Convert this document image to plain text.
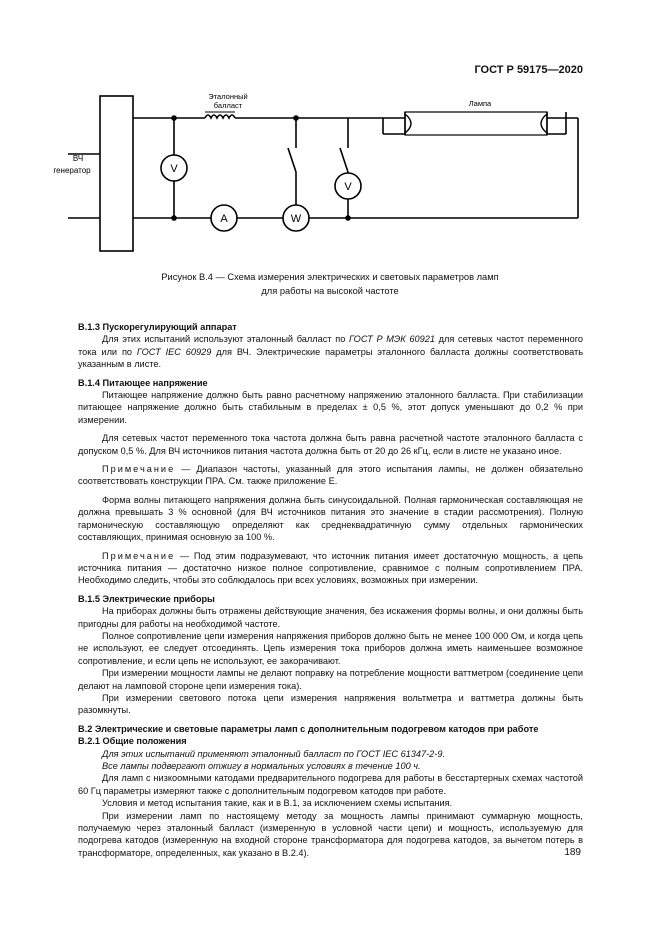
ГОСТ Р 59175—2020
ВЧ
генератор
Эталонный
балласт
V
A	W
V
Лампа
Рисунок В.4 — Схема измерения электрических и световых параметров ламп
для работы на высокой частоте

В.1.3 Пускорегулирующий аппарат

Для этих испытаний используют эталонный балласт по ГОСТ Р МЭК 60921 для сетевых частот переменного тока или по ГОСТ IEC 60929 для ВЧ. Электрические параметры эталонного балласта должны соответствовать указанным в листе.

В.1.4 Питающее напряжение

Питающее напряжение должно быть равно расчетному напряжению эталонного балласта. При стабилизации питающее напряжение должно быть стабильным в пределах ± 0,5 %, этот допуск уменьшают до 0,2 % при измерении.

Для сетевых частот переменного тока частота должна быть равна расчетной частоте эталонного балласта с допуском 0,5 %. Для ВЧ источников питания частота должна быть от 20 до 26 кГц, если в листе не указано иное.

Примечание — Диапазон частоты, указанный для этого испытания лампы, не должен обязательно соответствовать конструкции ПРА. См. также приложение Е.

Форма волны питающего напряжения должна быть синусоидальной. Полная гармоническая составляющая не должна превышать 3 % основной (для ВЧ источников питания это значение в стадии рассмотрения). Полную гармоническую составляющую определяют как среднеквадратичную сумму отдельных гармонических составляющих, принимая основную за 100 %.

Примечание — Под этим подразумевают, что источник питания имеет достаточную мощность, а цепь источника питания — достаточно низкое полное сопротивление, сравнимое с полным сопротивлением ПРА. Необходимо следить, чтобы это соблюдалось при всех условиях, возможных при измерении.

В.1.5 Электрические приборы

На приборах должны быть отражены действующие значения, без искажения формы волны, и они должны быть пригодны для работы на необходимой частоте.

Полное сопротивление цепи измерения напряжения приборов должно быть не менее 100 000 Ом, и когда цепь не используют, ее следует отсоединять. Цепь измерения тока приборов должна иметь наименьшее возможное сопротивление, и если цепь не используют, ее закорачивают.

При измерении мощности лампы не делают поправку на потребление мощности ваттметром (соединение цепи делают на ламповой стороне цепи измерения тока).

При измерении светового потока цепи измерения напряжения вольтметра и ваттметра должны быть разомкнуты.

В.2 Электрические и световые параметры ламп с дополнительным подогревом катодов при работе

В.2.1 Общие положения

Для этих испытаний применяют эталонный балласт по ГОСТ IEC 61347-2-9.

Все лампы подвергают отжигу в нормальных условиях в течение 100 ч.

Для ламп с низкоомными катодами предварительного подогрева для работы в бесстартерных схемах частотой 60 Гц параметры измеряют также с дополнительным подогревом катодов при работе.

Условия и метод испытания такие, как и в В.1, за исключением схемы испытания.

При измерении ламп по настоящему методу за мощность лампы принимают суммарную мощность, получаемую через эталонный балласт (измеренную в условной части цепи) и мощность, используемую для подогрева катодов (измеренную на входной стороне трансформатора для подогрева катодов, за вычетом потерь в трансформаторе, определенных, как указано в В.2.4).	189
